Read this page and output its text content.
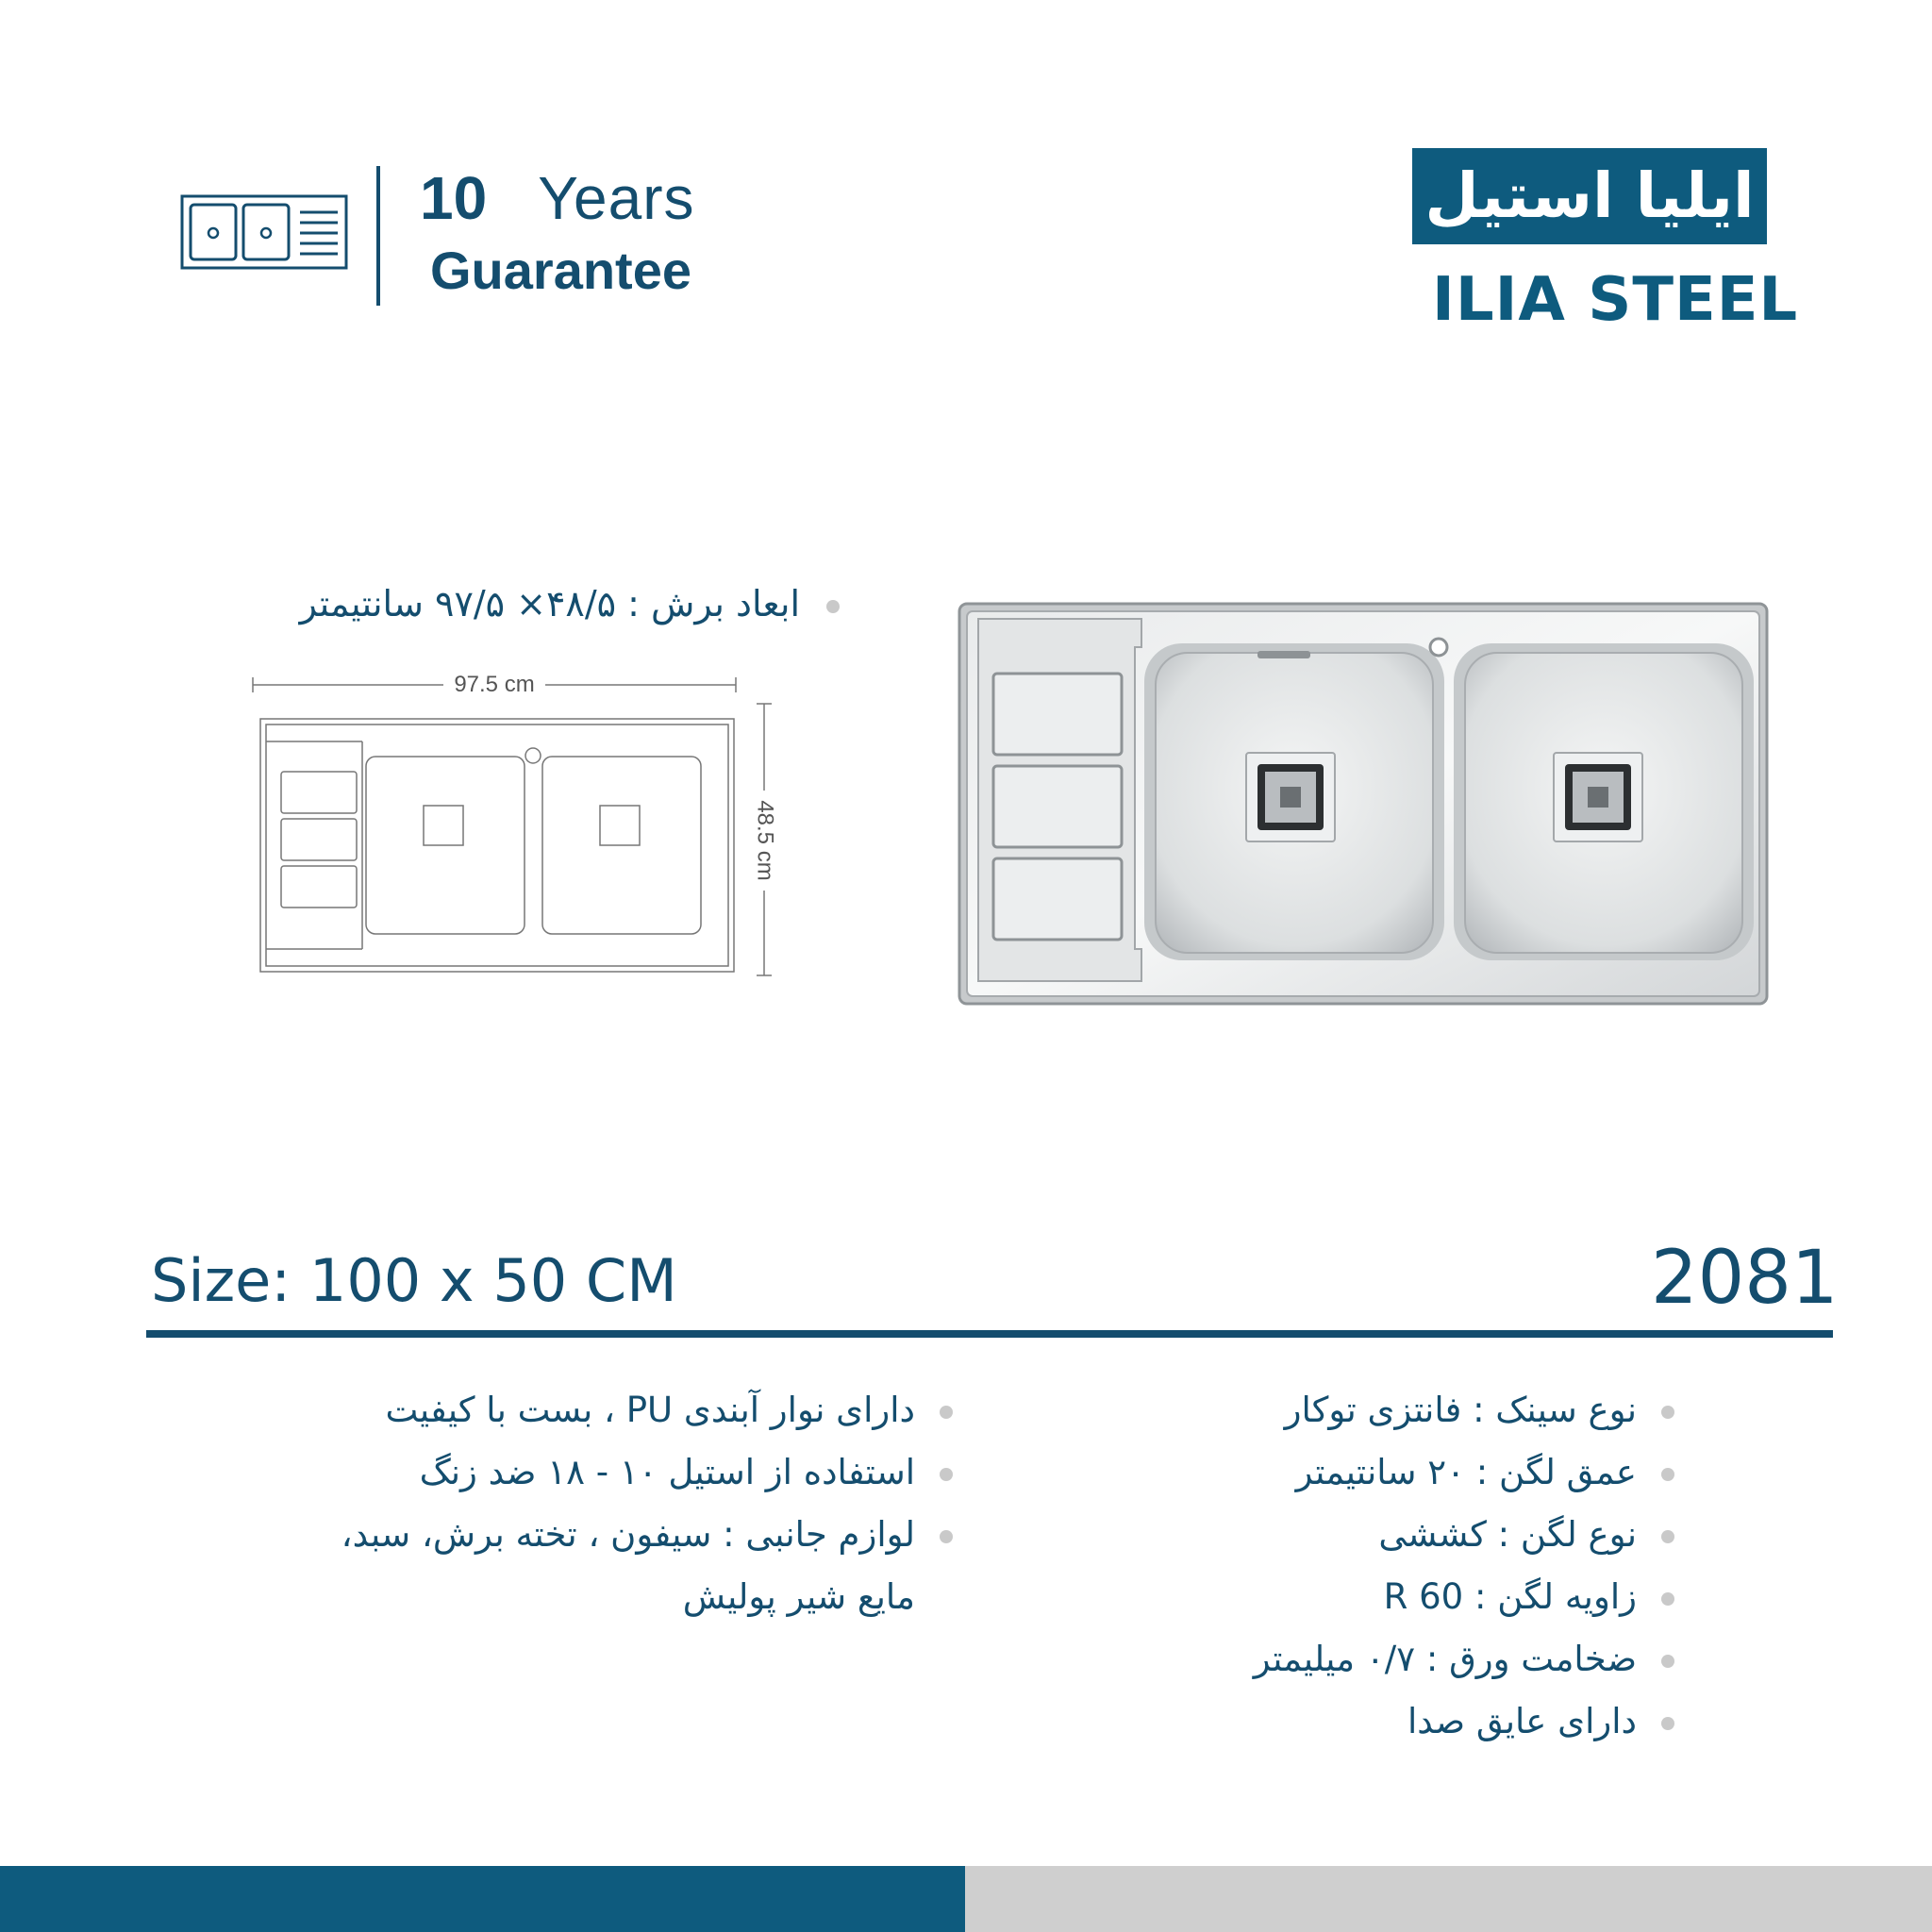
10 Years
Guarantee
ایلیا استیل
ILIA STEEL
ابعاد برش : ۴۸/۵× ۹۷/۵ سانتیمتر
97.5 cm
48.5 cm
Size: 100 x 50 CM	2081
نوع سینک : فانتزی توکار
عمق لگن : ۲۰ سانتیمتر
نوع لگن : کششی
زاویه لگن : R 60
ضخامت ورق : ۰/۷ میلیمتر
دارای عایق صدا
دارای نوار آبندی PU ، بست با کیفیت
استفاده از استیل ۱۰ - ۱۸ ضد زنگ
لوازم جانبی : سیفون ، تخته برش، سبد،
مایع شیر پولیش
